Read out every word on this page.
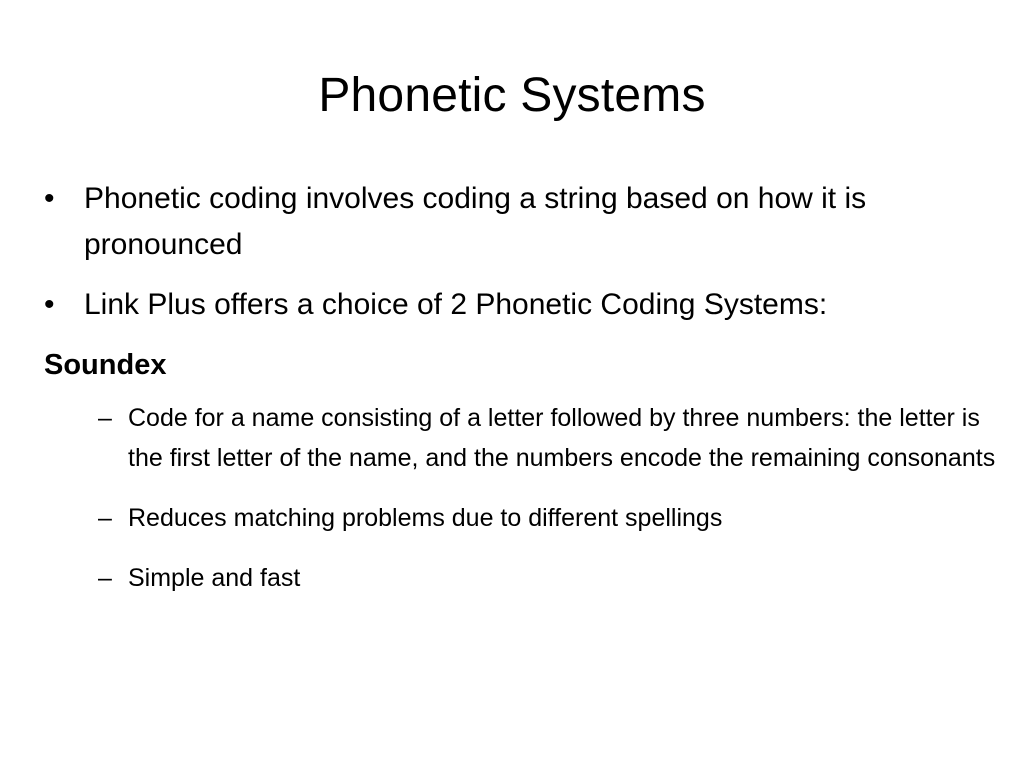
Phonetic Systems
• Phonetic coding involves coding a string based on how it is pronounced
• Link Plus offers a choice of 2 Phonetic Coding Systems:
Soundex
– Code for a name consisting of a letter followed by three numbers: the letter is the first letter of the name, and the numbers encode the remaining consonants
– Reduces matching problems due to different spellings
– Simple and fast
